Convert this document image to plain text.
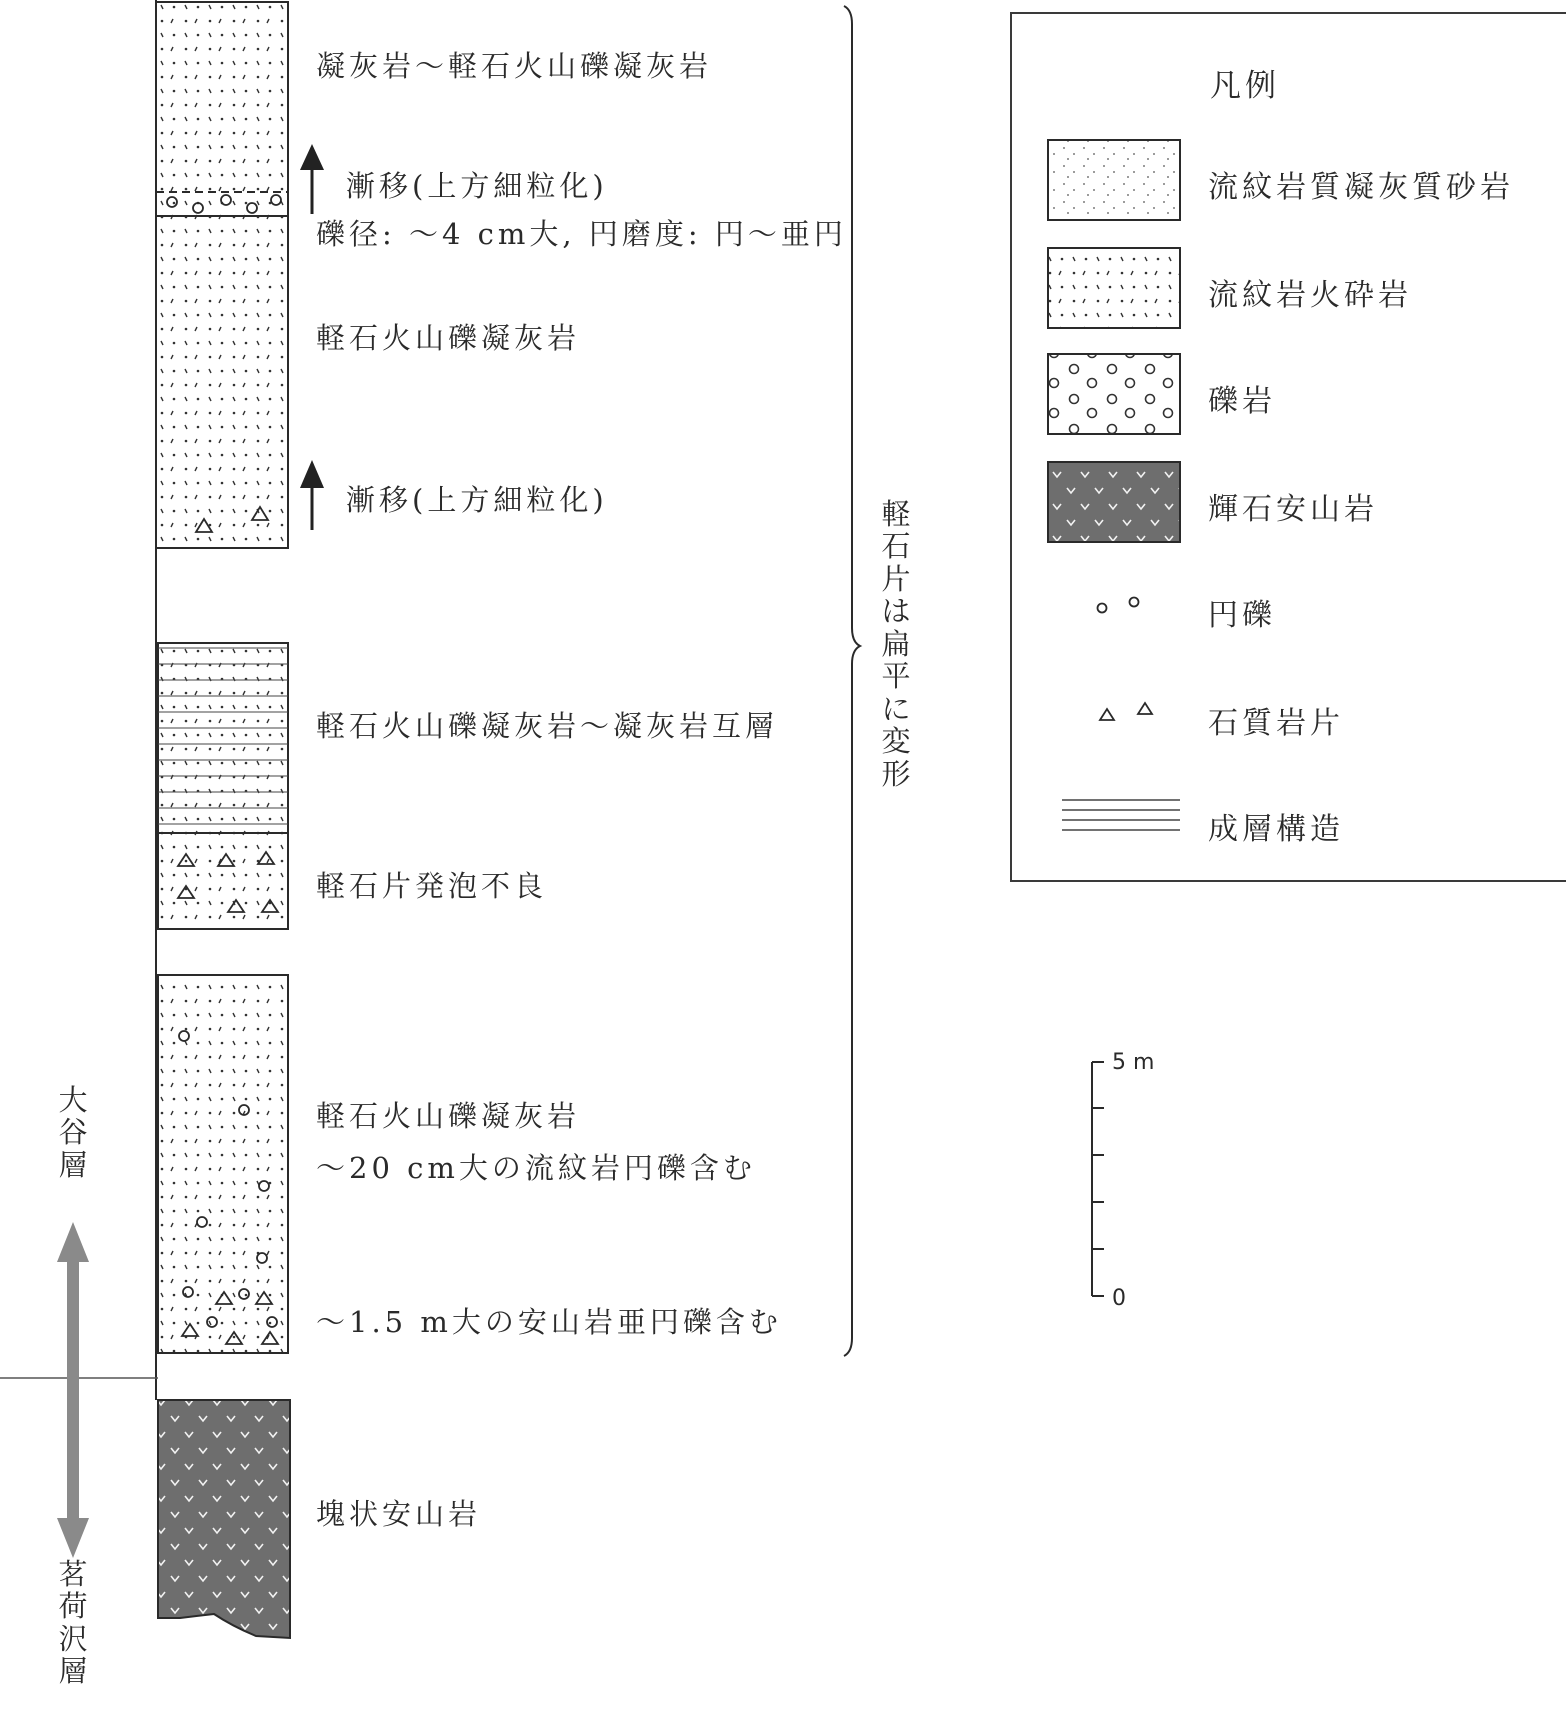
凝灰岩～軽石火山礫凝灰岩
漸移(上方細粒化)
礫径: ～4 cm大, 円磨度: 円～亜円
軽石火山礫凝灰岩
漸移(上方細粒化)
軽石火山礫凝灰岩～凝灰岩互層
軽石片発泡不良
軽石火山礫凝灰岩
～20 cm大の流紋岩円礫含む
～1.5 m大の安山岩亜円礫含む
塊状安山岩
軽石片は扁平に変形
大谷層
茗荷沢層
凡例
流紋岩質凝灰質砂岩
流紋岩火砕岩
礫岩
輝石安山岩
円礫
石質岩片
成層構造
5 m
0
